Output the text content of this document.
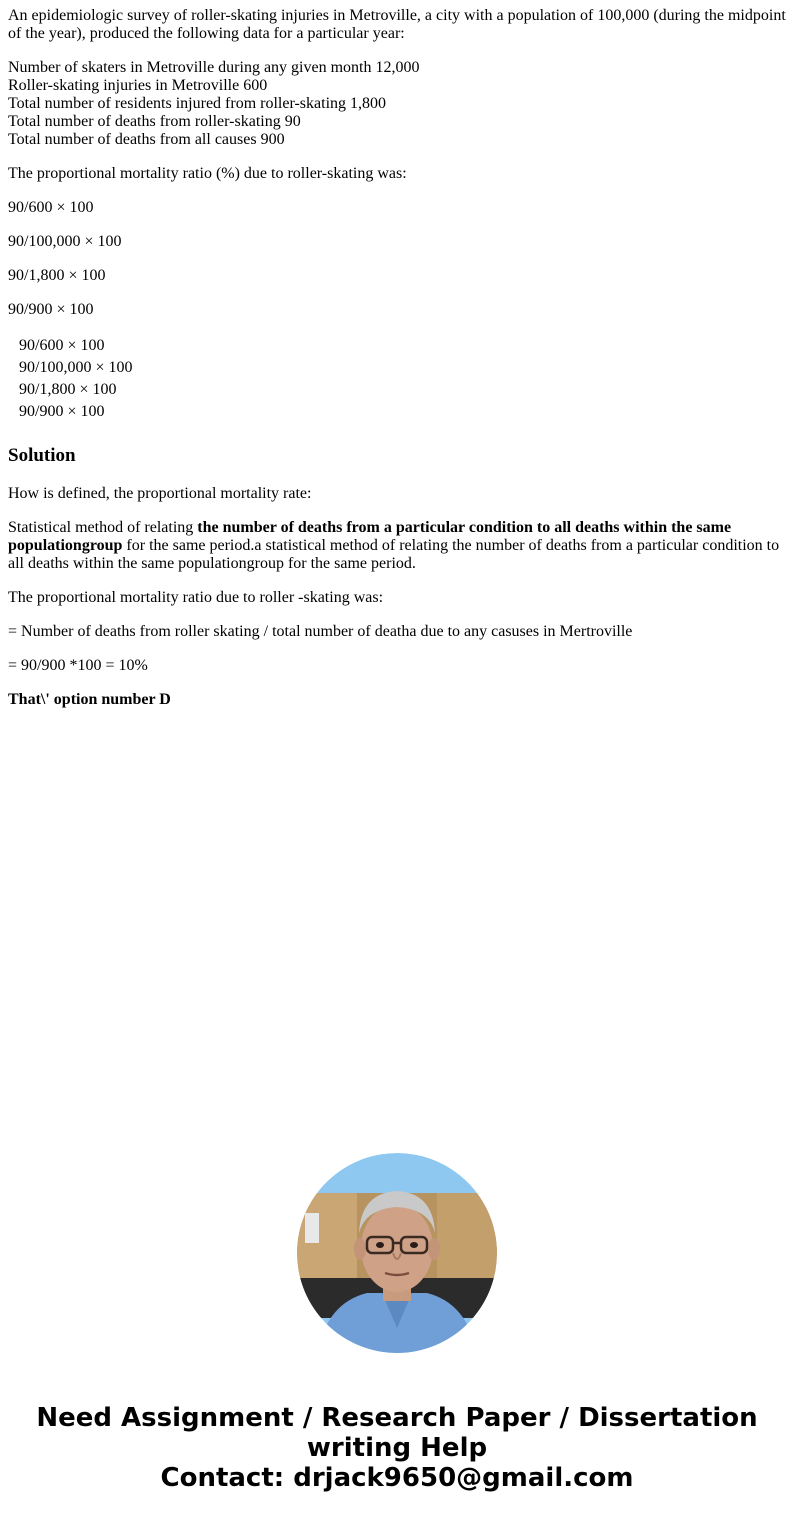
An epidemiologic survey of roller-skating injuries in Metroville, a city with a population of 100,000 (during the midpoint of the year), produced the following data for a particular year:

Number of skaters in Metroville during any given month 12,000
Roller-skating injuries in Metroville 600
Total number of residents injured from roller-skating 1,800
Total number of deaths from roller-skating 90
Total number of deaths from all causes 900

The proportional mortality ratio (%) due to roller-skating was:

90/600 × 100

90/100,000 × 100

90/1,800 × 100

90/900 × 100

90/600 × 100
90/100,000 × 100
90/1,800 × 100
90/900 × 100
Solution

How is defined, the proportional mortality rate:

Statistical method of relating the number of deaths from a particular condition to all deaths within the same populationgroup for the same period.a statistical method of relating the number of deaths from a particular condition to all deaths within the same populationgroup for the same period.

The proportional mortality ratio due to roller -skating was:

= Number of deaths from roller skating / total number of deatha due to any casuses in Mertroville

= 90/900 *100 = 10%

That\' option number D

Need Assignment / Research Paper / Dissertation
writing Help
Contact: drjack9650@gmail.com
